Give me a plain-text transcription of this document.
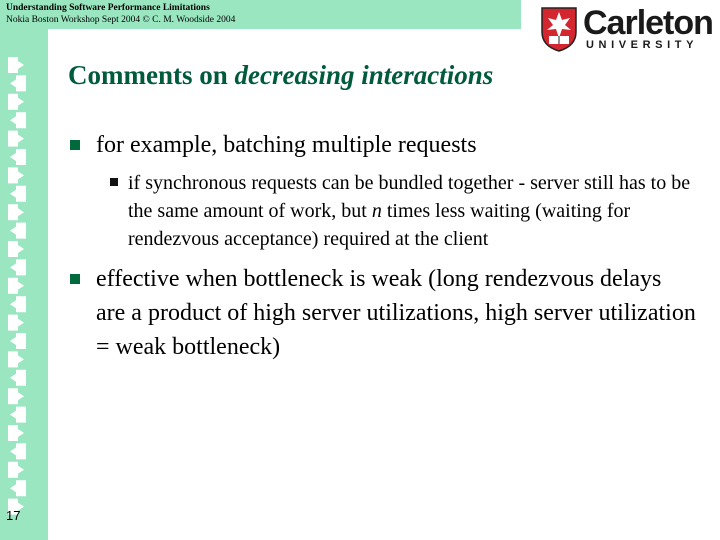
Understanding Software Performance Limitations
Nokia Boston Workshop Sept 2004 © C. M. Woodside 2004
17
Carleton
UNIVERSITY
Comments on decreasing interactions
for example, batching multiple requests
if synchronous requests can be bundled together - server still has to be the same amount of work, but n times less waiting (waiting for rendezvous acceptance) required at the client
effective when bottleneck is weak (long rendezvous delays are a product of high server utilizations, high server utilization = weak bottleneck)
